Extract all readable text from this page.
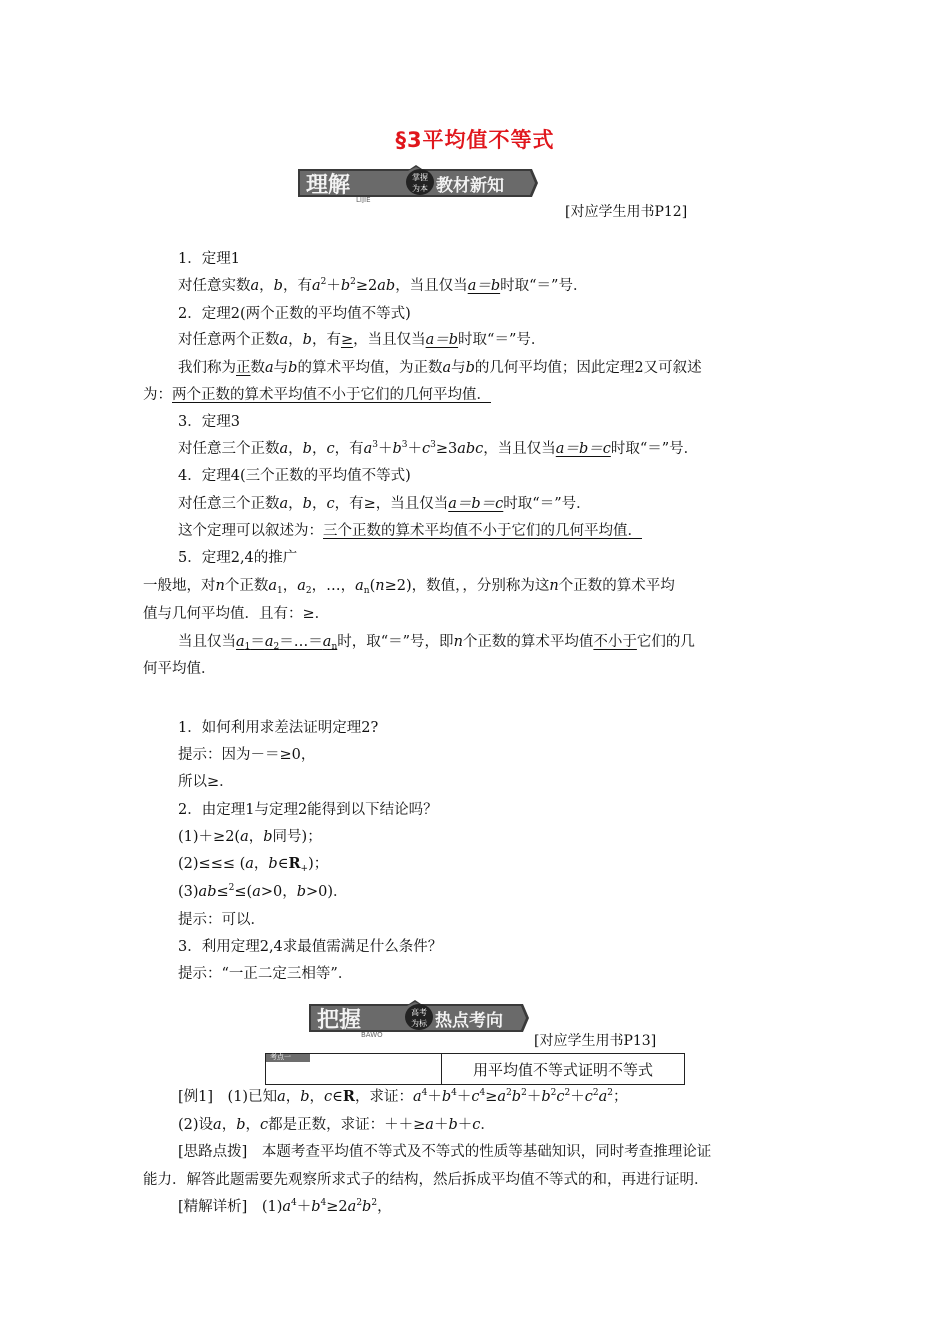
§3平均值不等式
理解	掌握
为本
LIJIE
教材新知
[对应学生用书P12]
1．定理1
对任意实数a，b，有$a^2+b^2\ge 2ab$，当且仅当a＝b时取“＝”号．
2．定理2(两个正数的平均值不等式)
对任意两个正数a，b，有≥，当且仅当a＝b时取“＝”号．
我们称为正数a与b的算术平均值，为正数a与b的几何平均值；因此定理2又可叙述
为：两个正数的算术平均值不小于它们的几何平均值．
3．定理3
对任意三个正数a，b，c，有$a^3+b^3+c^3\ge 3abc$，当且仅当a＝b＝c时取“＝”号．
4．定理4(三个正数的平均值不等式)
对任意三个正数a，b，c，有≥，当且仅当a＝b＝c时取“＝”号．
这个定理可以叙述为：三个正数的算术平均值不小于它们的几何平均值．
5．定理2,4的推广
一般地，对n个正数$a_1$，$a_2$，…，$a_n(n\ge 2)$，数值，，分别称为这n个正数的算术平均
值与几何平均值．且有：≥．
当且仅当$a_1=a_2=\dots=a_n$时，取“＝”号，即n个正数的算术平均值不小于它们的几
何平均值．
1．如何利用求差法证明定理2?
提示：因为－＝≥0，
所以≥．
2．由定理1与定理2能得到以下结论吗？
(1)＋≥2(a，b同号)；
(2)≤≤≤ (a，$b\in R_+$)；
(3)ab≤$^2$≤(a>0，b>0)．
提示：可以．
3．利用定理2,4求最值需满足什么条件？
提示：“一正二定三相等”．
把握	高考
为标
BAWO
热点考向
[对应学生用书P13]
考点一
用平均值不等式证明不等式
[例1]　(1)已知a，b，c∈R，求证：$a^4+b^4+c^4\ge a^2b^2+b^2c^2+c^2a^2$；
(2)设a，b，c都是正数，求证：＋＋≥a＋b＋c．
[思路点拨]　本题考查平均值不等式及不等式的性质等基础知识，同时考查推理论证
能力．解答此题需要先观察所求式子的结构，然后拆成平均值不等式的和，再进行证明．
[精解详析]　$(1)a^4+b^4\ge 2a^2b^2$，
